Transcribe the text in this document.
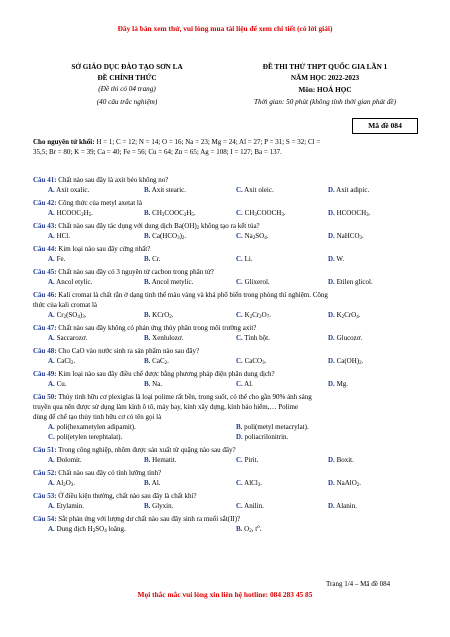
Đây là bản xem thử, vui lòng mua tài liệu để xem chi tiết (có lời giải)
SỞ GIÁO DỤC ĐÀO TẠO SƠN LA
ĐỀ CHÍNH THỨC
(Đề thi có 04 trang)
(40 câu trắc nghiệm)
ĐỀ THI THỬ THPT QUỐC GIA LẦN 1
NĂM HỌC 2022-2023
Môn: HOÁ HỌC
Thời gian: 50 phút (không tính thời gian phát đề)
Mã đề 084
Cho nguyên tử khối: H = 1; C = 12; N = 14; O = 16; Na = 23; Mg = 24; Al = 27; P = 31; S = 32; Cl =
35,5; Br = 80; K = 39; Ca = 40; Fe = 56; Cu = 64; Zn = 65; Ag = 108; I = 127; Ba = 137.
Câu 41: Chất nào sau đây là axit béo không no?
A. Axit oxalic.	B. Axit stearic.	C. Axit oleic.	D. Axit adipic.
Câu 42: Công thức của metyl axetat là
A. $HCOOC_2H_5$.	B. $CH_3COOC_2H_5$.	C. $CH_3COOCH_3$.	D. $HCOOCH_3$.
Câu 43: Chất nào sau đây tác dụng với dung dịch $Ba(OH)_2$ không tạo ra kết tủa?
A. HCl.	B. $Ca(HCO_3)_2$.	C. $Na_2SO_4$.	D. NaHCO$_3$.
Câu 44: Kim loại nào sau đây cứng nhất?
A. Fe.	B. Cr.	C. Li.	D. W.
Câu 45: Chất nào sau đây có 3 nguyên tử cacbon trong phân tử?
A. Ancol etylic.	B. Ancol metylic.	C. Glixerol.	D. Etilen glicol.
Câu 46: Kali cromat là chất rắn ở dạng tinh thể màu vàng và khá phổ biến trong phòng thí nghiệm. Công
thức của kali cromat là
A. $Cr_2(SO_4)_3$.	B. KCrO$_2$.	C. $K_2Cr_2O_7$.	D. $K_2CrO_4$.
Câu 47: Chất nào sau đây không có phản ứng thủy phân trong môi trường axit?
A. Saccarozơ.	B. Xenlulozơ.	C. Tinh bột.	D. Glucozơ.
Câu 48: Cho CaO vào nước sinh ra sản phẩm nào sau đây?
A. CaCl$_2$.	B. CaC$_2$.	C. CaCO$_3$.	D. $Ca(OH)_2$.
Câu 49: Kim loại nào sau đây điều chế được bằng phương pháp điện phân dung dịch?
A. Cu.	B. Na.	C. Al.	D. Mg.
Câu 50: Thủy tinh hữu cơ plexiglas là loại polime rất bền, trong suốt, có thể cho gần 90% ánh sáng
truyền qua nên được sử dụng làm kính ô tô, máy bay, kính xây dựng, kính bảo hiểm,… Polime
dùng để chế tạo thủy tinh hữu cơ có tên gọi là
A. poli(hexametylen adipamit).	B. poli(metyl metacrylat).
C. poli(etylen terephtalat).	D. poliacrilonitrin.
Câu 51: Trong công nghiệp, nhôm được sản xuất từ quặng nào sau đây?
A. Đolomit.	B. Hematit.	C. Pirit.	D. Boxit.
Câu 52: Chất nào sau đây có tính lưỡng tính?
A. $Al_2O_3$.	B. Al.	C. AlCl$_3$.	D. NaAlO$_2$.
Câu 53: Ở điều kiện thường, chất nào sau đây là chất khí?
A. Etylamin.	B. Glyxin.	C. Anilin.	D. Alanin.
Câu 54: Sắt phản ứng với lượng dư chất nào sau đây sinh ra muối sắt(II)?
A. Dung dịch $H_2SO_4$ loãng.	B. $O_2$, $t^o$.
Trang 1/4 – Mã đề 084
Mọi thắc mắc vui lòng xin liên hệ hotline: 084 283 45 85
